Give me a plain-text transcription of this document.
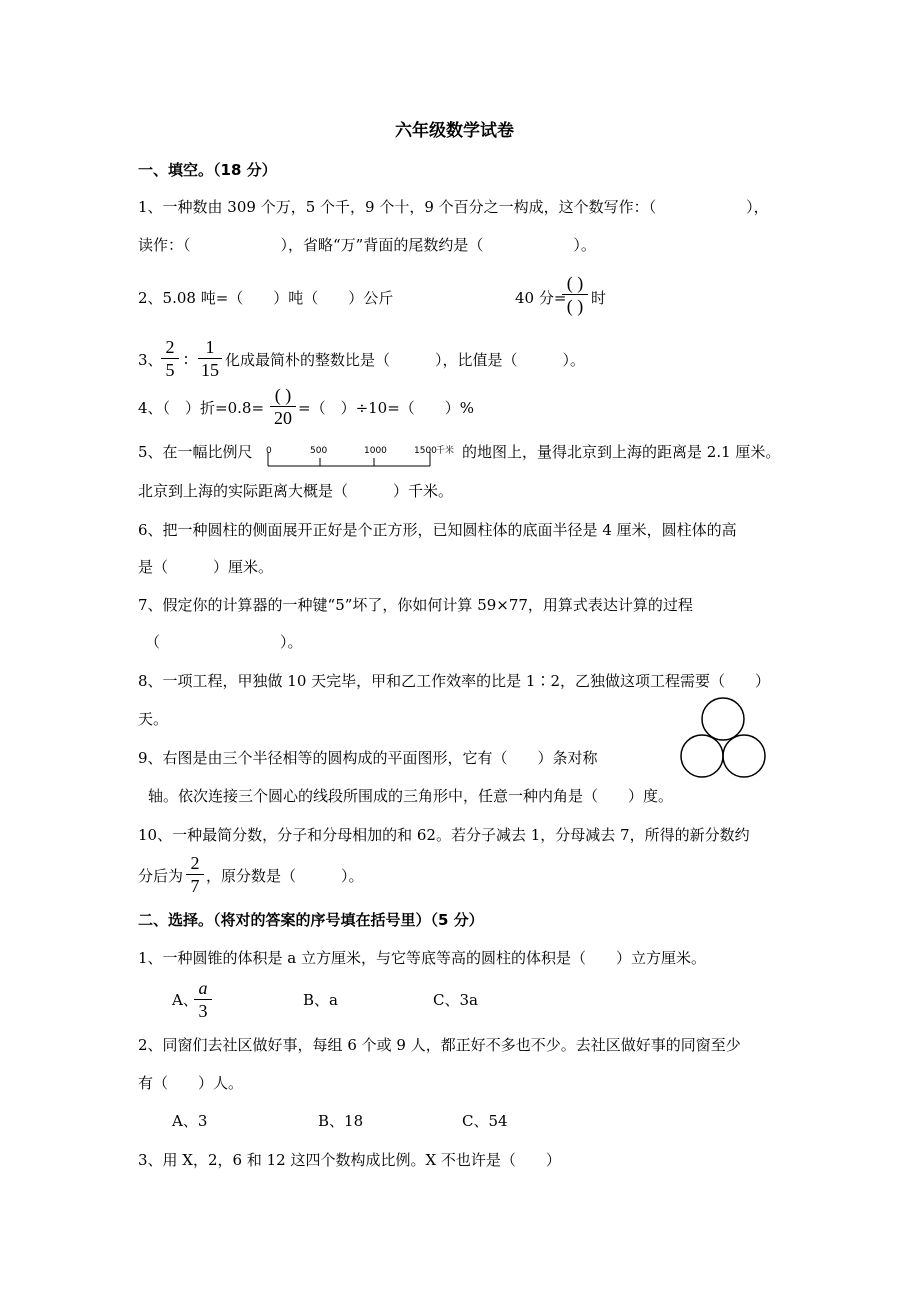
六年级数学试卷
一、填空。（18 分）
1、一种数由 309 个万，5 个千，9 个十，9 个百分之一构成，这个数写作：（　　　　　　），
读作：（　　　　　　），省略“万”背面的尾数约是（　　　　　　）。
2、5.08 吨=（　　）吨（　　）公斤	40 分=
( )
( ) 时
3、
2
5 ∶
1
15 化成最简朴的整数比是（　　　），比值是（　　　）。
4、（　）折=0.8=
( )
20 =（　）÷10=（　　）%
5、在一幅比例尺 0	500	1000	1500 千米 的地图上，量得北京到上海的距离是 2.1 厘米。
北京到上海的实际距离大概是（　　　）千米。
6、把一种圆柱的侧面展开正好是个正方形，已知圆柱体的底面半径是 4 厘米，圆柱体的高
是（　　　）厘米。
7、假定你的计算器的一种键“5”坏了，你如何计算 59×77，用算式表达计算的过程
（　　　　　　　　）。
8、一项工程，甲独做 10 天完毕，甲和乙工作效率的比是 1∶2，乙独做这项工程需要（　　）
天。
9、右图是由三个半径相等的圆构成的平面图形，它有（　　）条对称
轴。依次连接三个圆心的线段所围成的三角形中，任意一种内角是（　　）度。
10、一种最简分数，分子和分母相加的和 62。若分子减去 1，分母减去 7，所得的新分数约
分后为
2
7 ，原分数是（　　　）。
二、选择。（将对的答案的序号填在括号里）（5 分）
1、一种圆锥的体积是 a 立方厘米，与它等底等高的圆柱的体积是（　　）立方厘米。
A、
a
3
B、a	C、3a
2、同窗们去社区做好事，每组 6 个或 9 人，都正好不多也不少。去社区做好事的同窗至少
有（　　）人。
A、3	B、18	C、54
3、用 X，2，6 和 12 这四个数构成比例。X 不也许是（　　）
